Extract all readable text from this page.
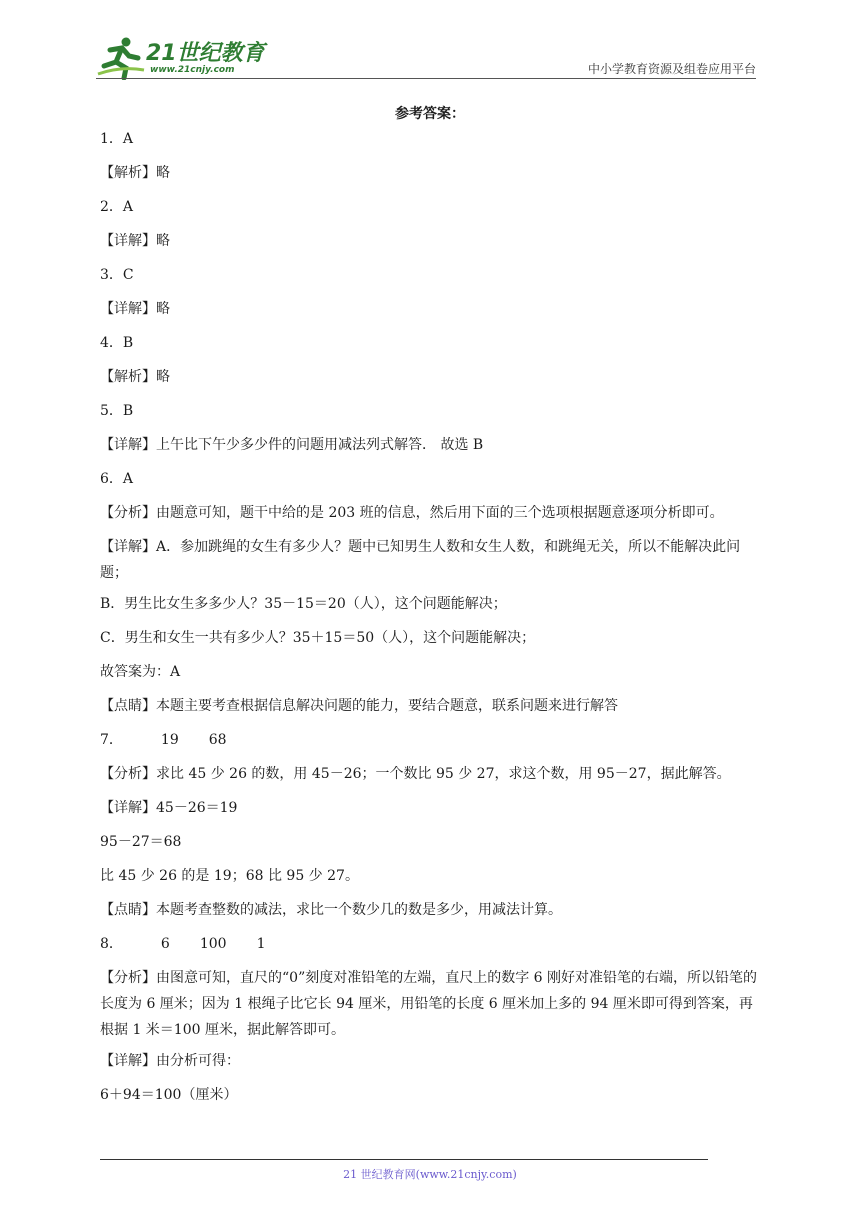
21世纪教育
www.21cnjy.com	中小学教育资源及组卷应用平台
参考答案：
1．A
【解析】略
2．A
【详解】略
3．C
【详解】略
4．B
【解析】略
5．B
【详解】上午比下午少多少件的问题用减法列式解答． 故选 B
6．A
【分析】由题意可知，题干中给的是 203 班的信息，然后用下面的三个选项根据题意逐项分析即可。
【详解】A．参加跳绳的女生有多少人？题中已知男生人数和女生人数，和跳绳无关，所以不能解决此问题；
B．男生比女生多多少人？35－15＝20（人），这个问题能解决；
C．男生和女生一共有多少人？35＋15＝50（人），这个问题能解决；
故答案为：A
【点睛】本题主要考查根据信息解决问题的能力，要结合题意，联系问题来进行解答
7．	19 68
【分析】求比 45 少 26 的数，用 45－26；一个数比 95 少 27，求这个数，用 95－27，据此解答。
【详解】45－26＝19
95－27＝68
比 45 少 26 的是 19；68 比 95 少 27。
【点睛】本题考查整数的减法，求比一个数少几的数是多少，用减法计算。
8．	6 100 1
【分析】由图意可知，直尺的“0”刻度对准铅笔的左端，直尺上的数字 6 刚好对准铅笔的右端，所以铅笔的长度为 6 厘米；因为 1 根绳子比它长 94 厘米，用铅笔的长度 6 厘米加上多的 94 厘米即可得到答案，再根据 1 米＝100 厘米，据此解答即可。
【详解】由分析可得：
6＋94＝100（厘米）
21 世纪教育网(www.21cnjy.com)
